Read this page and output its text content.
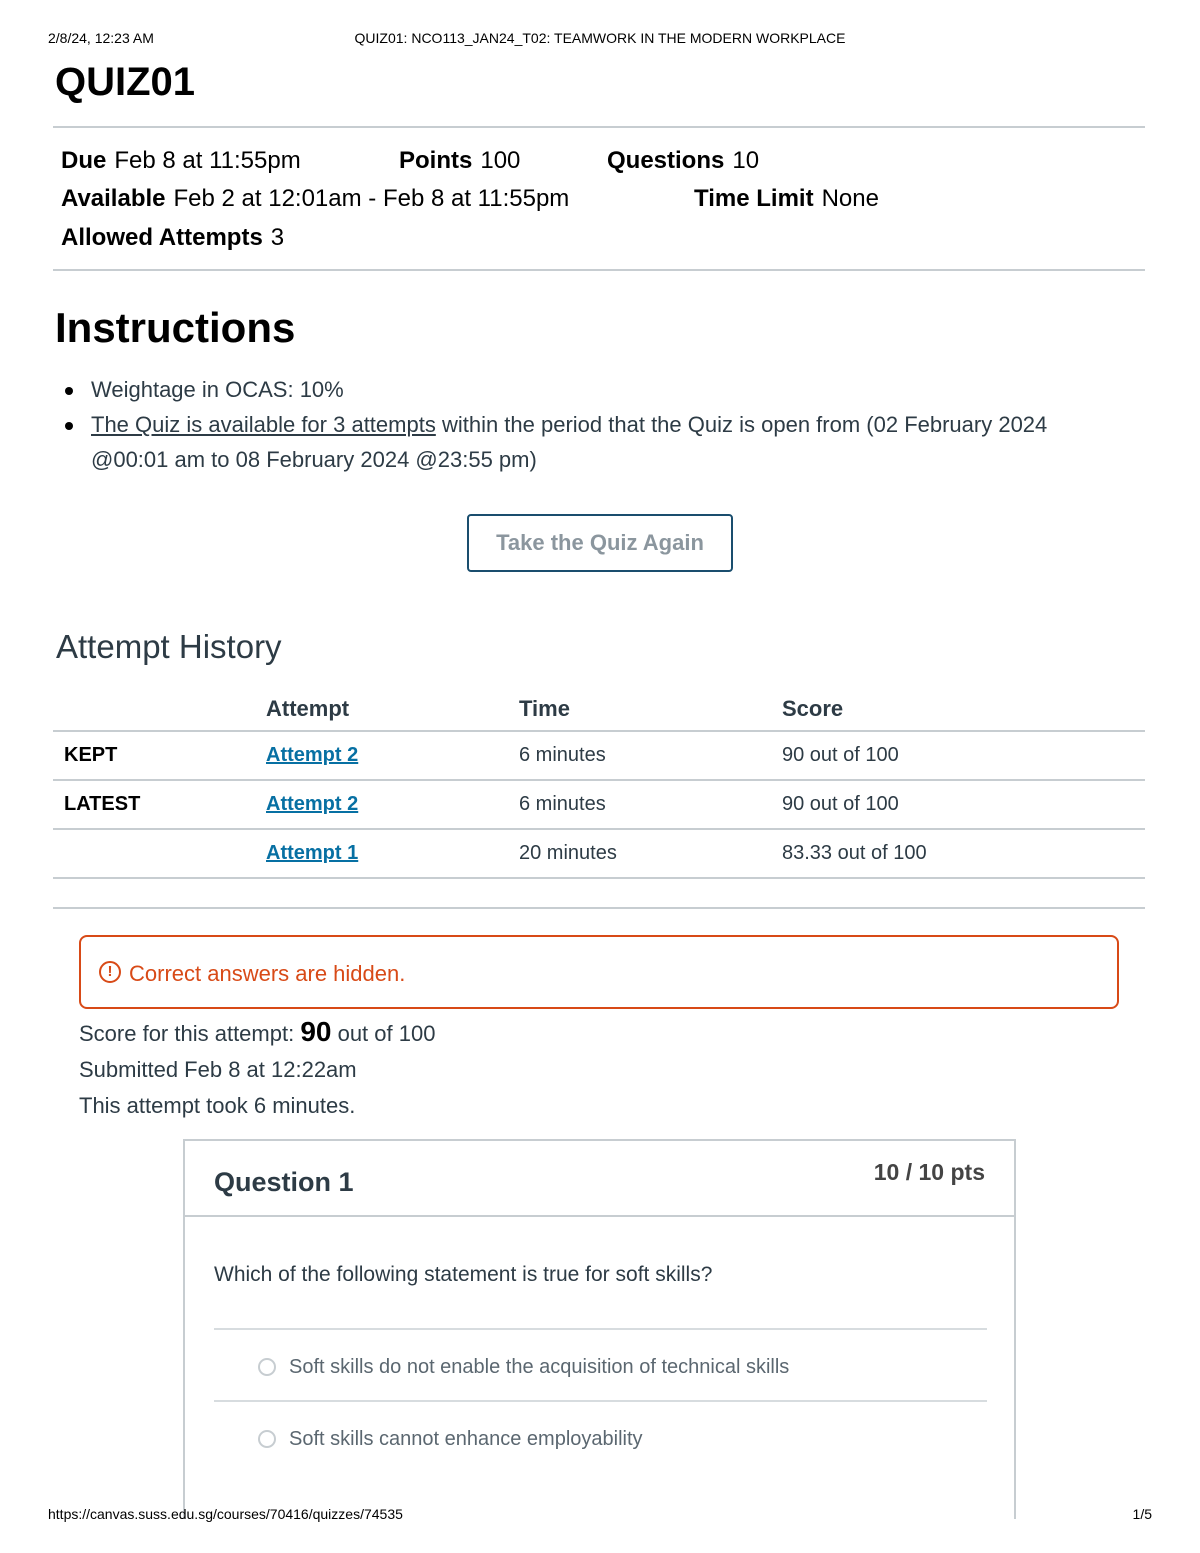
2/8/24, 12:23 AM	QUIZ01: NCO113_JAN24_T02: TEAMWORK IN THE MODERN WORKPLACE
QUIZ01
Due Feb 8 at 11:55pm	Points 100	Questions 10
Available Feb 2 at 12:01am - Feb 8 at 11:55pm	Time Limit None
Allowed Attempts 3
Instructions
Weightage in OCAS: 10%
The Quiz is available for 3 attempts within the period that the Quiz is open from (02 February 2024 @00:01 am to 08 February 2024 @23:55 pm)
Take the Quiz Again
Attempt History
	Attempt	Time	Score
KEPT	Attempt 2	6 minutes	90 out of 100
LATEST	Attempt 2	6 minutes	90 out of 100
	Attempt 1	20 minutes	83.33 out of 100
! Correct answers are hidden.
Score for this attempt: 90 out of 100
Submitted Feb 8 at 12:22am
This attempt took 6 minutes.
Question 1	10 / 10 pts
Which of the following statement is true for soft skills?
Soft skills do not enable the acquisition of technical skills
Soft skills cannot enhance employability
https://canvas.suss.edu.sg/courses/70416/quizzes/74535	1/5
